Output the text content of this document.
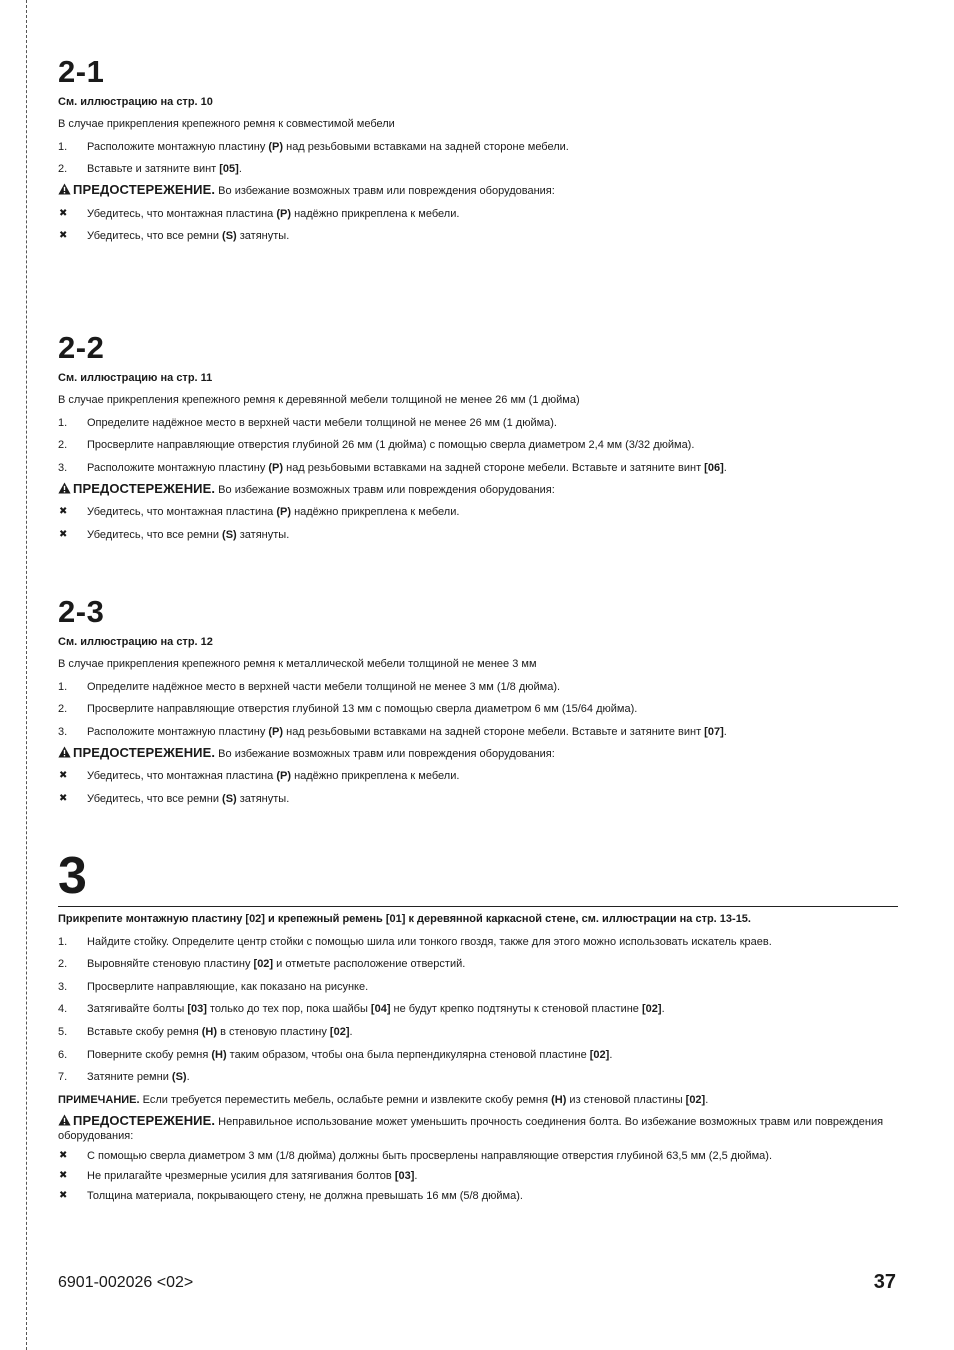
2-1

См. иллюстрацию на стр. 10

В случае прикрепления крепежного ремня к совместимой мебели

1. Расположите монтажную пластину (P) над резьбовыми вставками на задней стороне мебели.
2. Вставьте и затяните винт [05].
ПРЕДОСТЕРЕЖЕНИЕ. Во избежание возможных травм или повреждения оборудования:
✖ Убедитесь, что монтажная пластина (P) надёжно прикреплена к мебели.
✖ Убедитесь, что все ремни (S) затянуты.
2-2

См. иллюстрацию на стр. 11

В случае прикрепления крепежного ремня к деревянной мебели толщиной не менее 26 мм (1 дюйма)

1. Определите надёжное место в верхней части мебели толщиной не менее 26 мм (1 дюйма).
2. Просверлите направляющие отверстия глубиной 26 мм (1 дюйма) с помощью сверла диаметром 2,4 мм (3/32 дюйма).
3. Расположите монтажную пластину (P) над резьбовыми вставками на задней стороне мебели. Вставьте и затяните винт [06].
ПРЕДОСТЕРЕЖЕНИЕ. Во избежание возможных травм или повреждения оборудования:
✖ Убедитесь, что монтажная пластина (P) надёжно прикреплена к мебели.
✖ Убедитесь, что все ремни (S) затянуты.
2-3

См. иллюстрацию на стр. 12

В случае прикрепления крепежного ремня к металлической мебели толщиной не менее 3 мм

1. Определите надёжное место в верхней части мебели толщиной не менее 3 мм (1/8 дюйма).
2. Просверлите направляющие отверстия глубиной 13 мм с помощью сверла диаметром 6 мм (15/64 дюйма).
3. Расположите монтажную пластину (P) над резьбовыми вставками на задней стороне мебели. Вставьте и затяните винт [07].
ПРЕДОСТЕРЕЖЕНИЕ. Во избежание возможных травм или повреждения оборудования:
✖ Убедитесь, что монтажная пластина (P) надёжно прикреплена к мебели.
✖ Убедитесь, что все ремни (S) затянуты.
3

Прикрепите монтажную пластину [02] и крепежный ремень [01] к деревянной каркасной стене, см. иллюстрации на стр. 13-15.

1. Найдите стойку. Определите центр стойки с помощью шила или тонкого гвоздя, также для этого можно использовать искатель краев.
2. Выровняйте стеновую пластину [02] и отметьте расположение отверстий.
3. Просверлите направляющие, как показано на рисунке.
4. Затягивайте болты [03] только до тех пор, пока шайбы [04] не будут крепко подтянуты к стеновой пластине [02].
5. Вставьте скобу ремня (H) в стеновую пластину [02].
6. Поверните скобу ремня (H) таким образом, чтобы она была перпендикулярна стеновой пластине [02].
7. Затяните ремни (S).
ПРИМЕЧАНИЕ. Если требуется переместить мебель, ослабьте ремни и извлеките скобу ремня (H) из стеновой пластины [02].
ПРЕДОСТЕРЕЖЕНИЕ. Неправильное использование может уменьшить прочность соединения болта. Во избежание возможных травм или повреждения оборудования:
✖ С помощью сверла диаметром 3 мм (1/8 дюйма) должны быть просверлены направляющие отверстия глубиной 63,5 мм (2,5 дюйма).
✖ Не прилагайте чрезмерные усилия для затягивания болтов [03].
✖ Толщина материала, покрывающего стену, не должна превышать 16 мм (5/8 дюйма).
6901-002026 <02>	37
